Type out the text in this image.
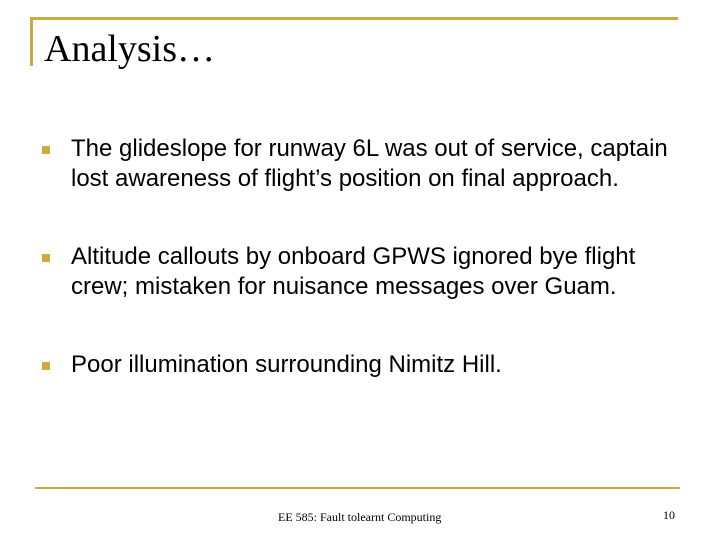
Analysis…
The glideslope for runway 6L was out of service, captain lost awareness of flight’s position on final approach.
Altitude callouts by onboard GPWS ignored bye flight crew; mistaken for nuisance messages over Guam.
Poor illumination surrounding Nimitz Hill.
EE 585: Fault tolearnt Computing	10
